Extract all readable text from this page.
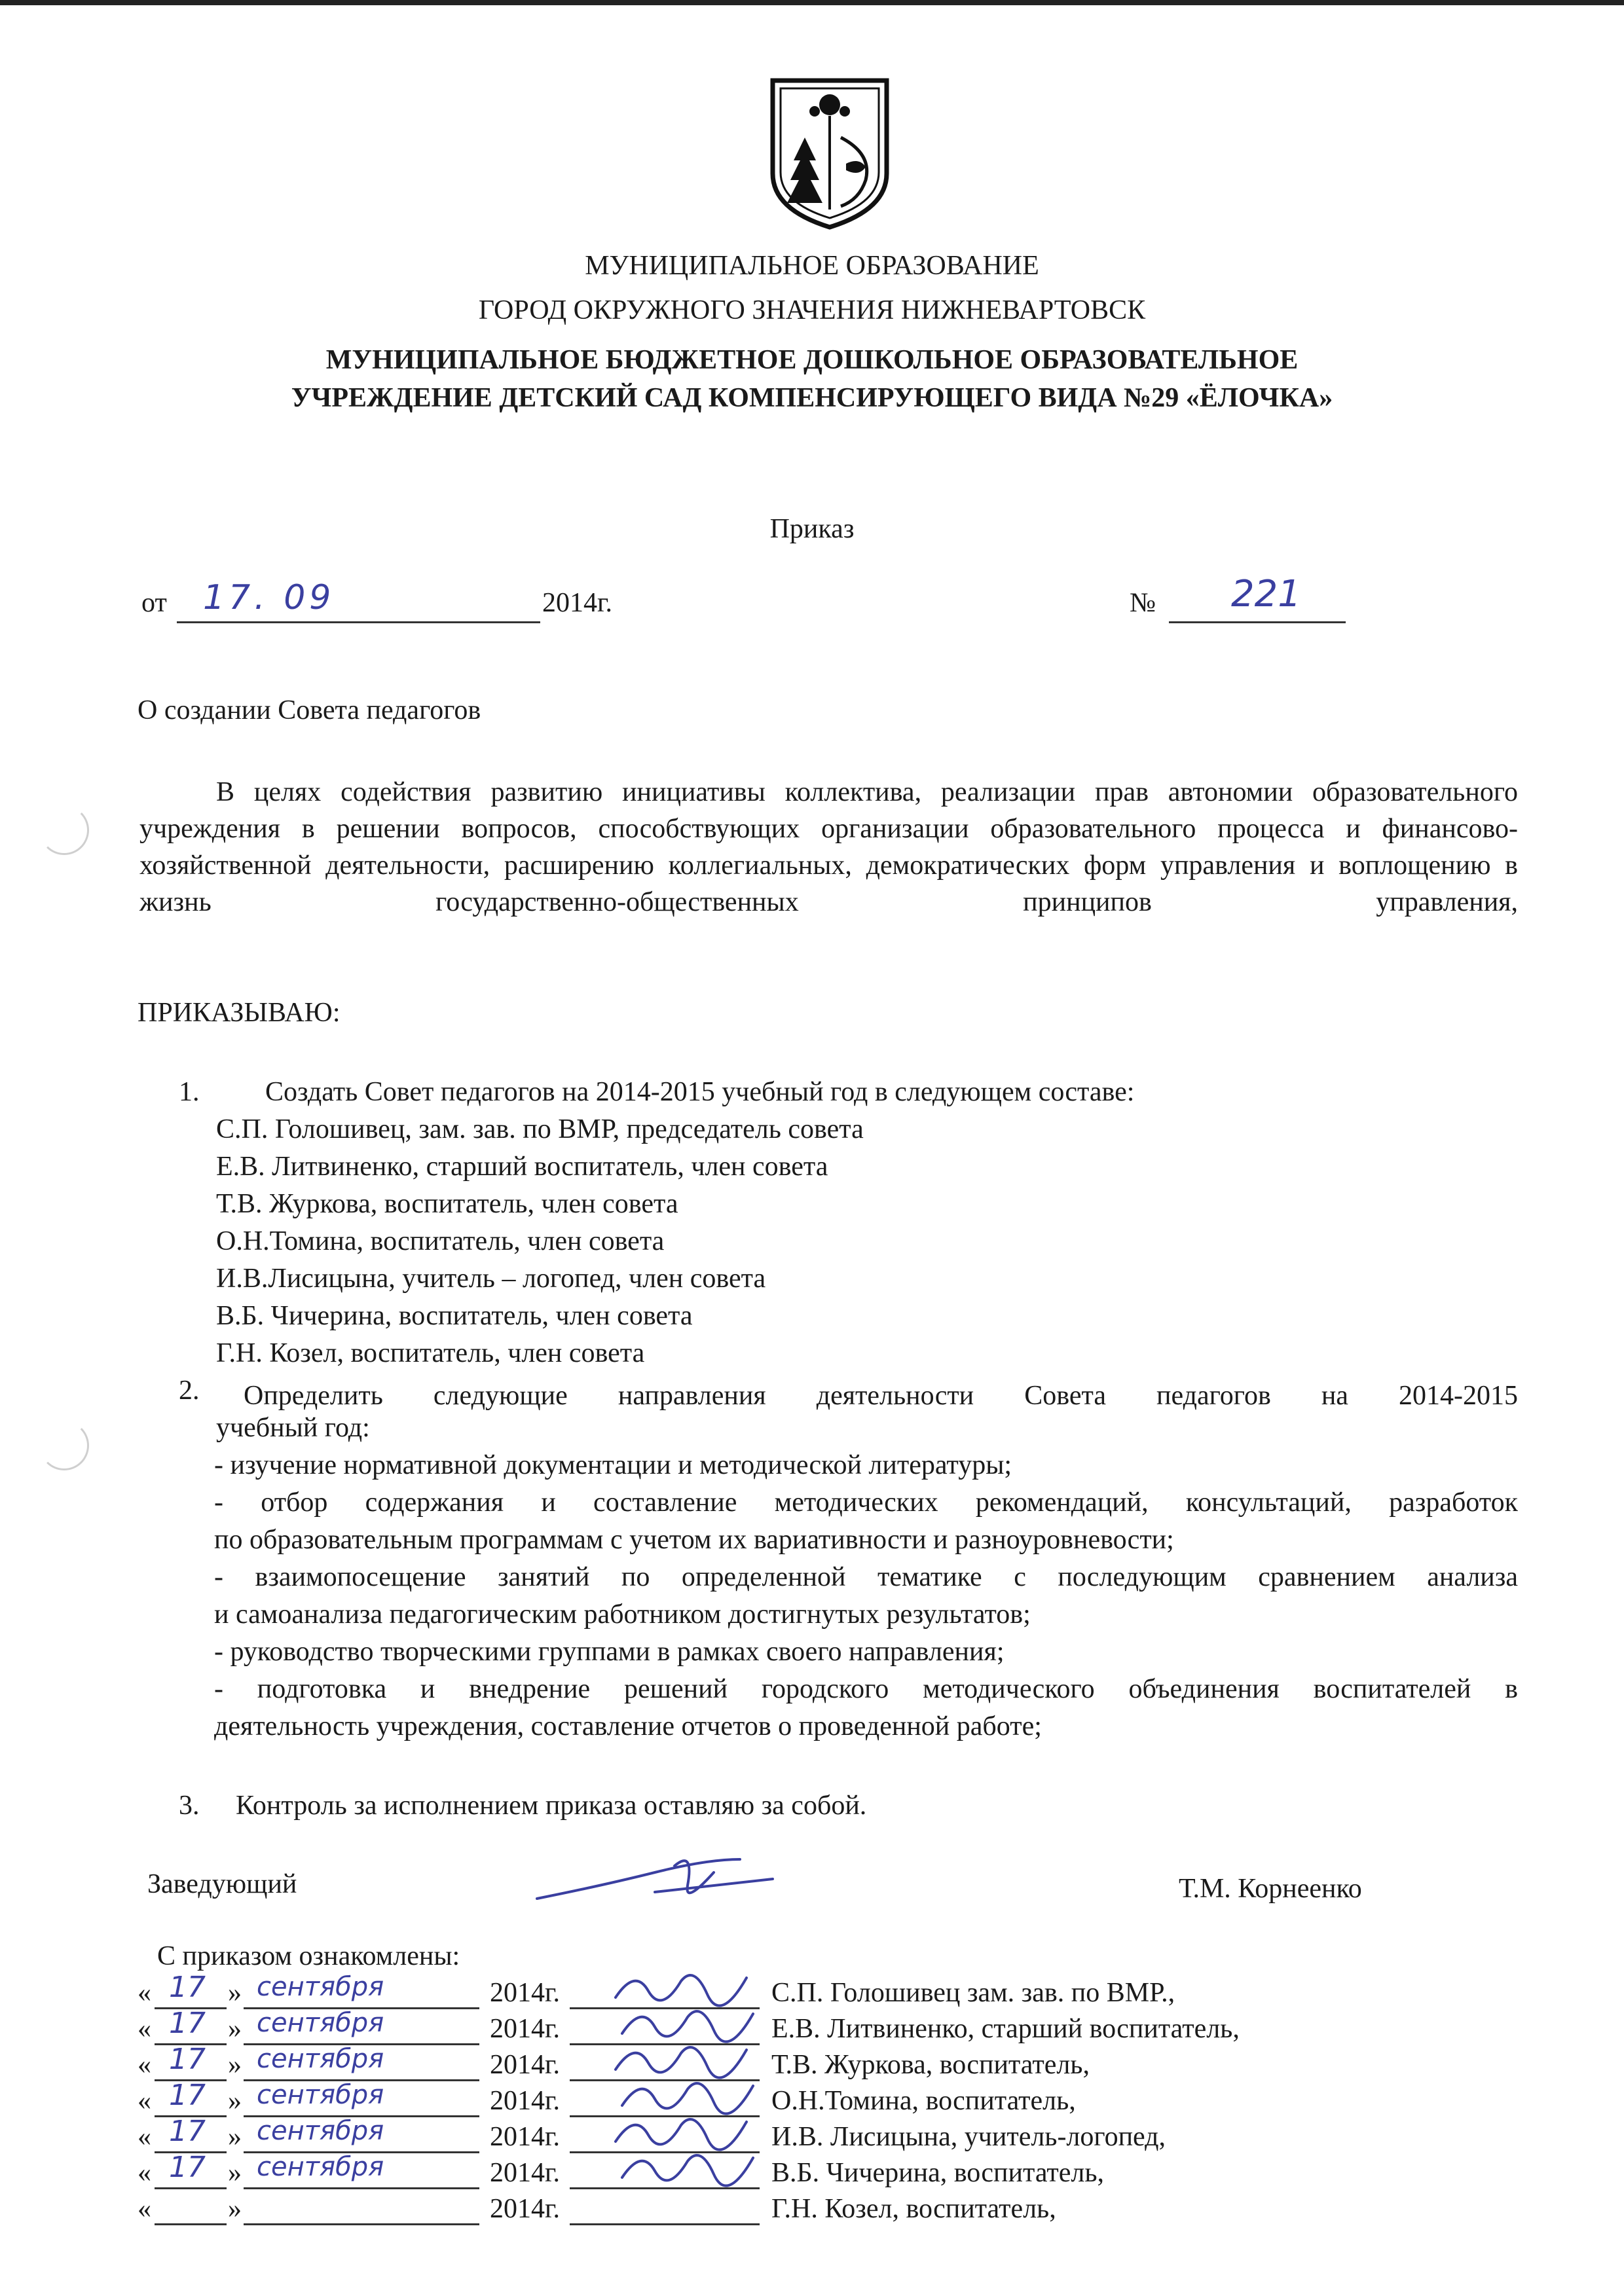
МУНИЦИПАЛЬНОЕ ОБРАЗОВАНИЕ
ГОРОД ОКРУЖНОГО ЗНАЧЕНИЯ НИЖНЕВАРТОВСК
МУНИЦИПАЛЬНОЕ БЮДЖЕТНОЕ ДОШКОЛЬНОЕ ОБРАЗОВАТЕЛЬНОЕ
УЧРЕЖДЕНИЕ ДЕТСКИЙ САД КОМПЕНСИРУЮЩЕГО ВИДА №29 «ЁЛОЧКА»
Приказ
от 17. 09	2014г.	№ 221
О создании Совета педагогов
В целях содействия развитию инициативы коллектива, реализации прав автономии образовательного учреждения в решении вопросов, способствующих организации образовательного процесса и финансово-хозяйственной деятельности, расширению коллегиальных, демократических форм управления и воплощению в жизнь государственно-общественных принципов управления,
ПРИКАЗЫВАЮ:
1. Создать Совет педагогов на 2014-2015 учебный год в следующем составе:
С.П. Голошивец, зам. зав. по ВМР, председатель совета
Е.В. Литвиненко, старший воспитатель, член совета
Т.В. Журкова, воспитатель, член совета
О.Н.Томина, воспитатель, член совета
И.В.Лисицына, учитель – логопед, член совета
В.Б. Чичерина, воспитатель, член совета
Г.Н. Козел, воспитатель, член совета
2. Определить следующие направления деятельности Совета педагогов на 2014-2015
учебный год:
- изучение нормативной документации и методической литературы;
- отбор содержания и составление методических рекомендаций, консультаций, разработок
по образовательным программам с учетом их вариативности и разноуровневости;
- взаимопосещение занятий по определенной тематике с последующим сравнением анализа
и самоанализа педагогическим работником достигнутых результатов;
- руководство творческими группами в рамках своего направления;
- подготовка и внедрение решений городского методического объединения воспитателей в
деятельность учреждения, составление отчетов о проведенной работе;
3. Контроль за исполнением приказа оставляю за собой.
Заведующий	Т.М. Корнеенко
С приказом ознакомлены:
« 17 » сентября	2014г.	С.П. Голошивец зам. зав. по ВМР.,
« 17 » сентября	2014г.	Е.В. Литвиненко, старший воспитатель,
« 17 » сентября	2014г.	Т.В. Журкова, воспитатель,
« 17 » сентября	2014г.	О.Н.Томина, воспитатель,
« 17 » сентября	2014г.	И.В. Лисицына, учитель-логопед,
« 17 » сентября	2014г.	В.Б. Чичерина, воспитатель,
«	»	2014г.	Г.Н. Козел, воспитатель,
